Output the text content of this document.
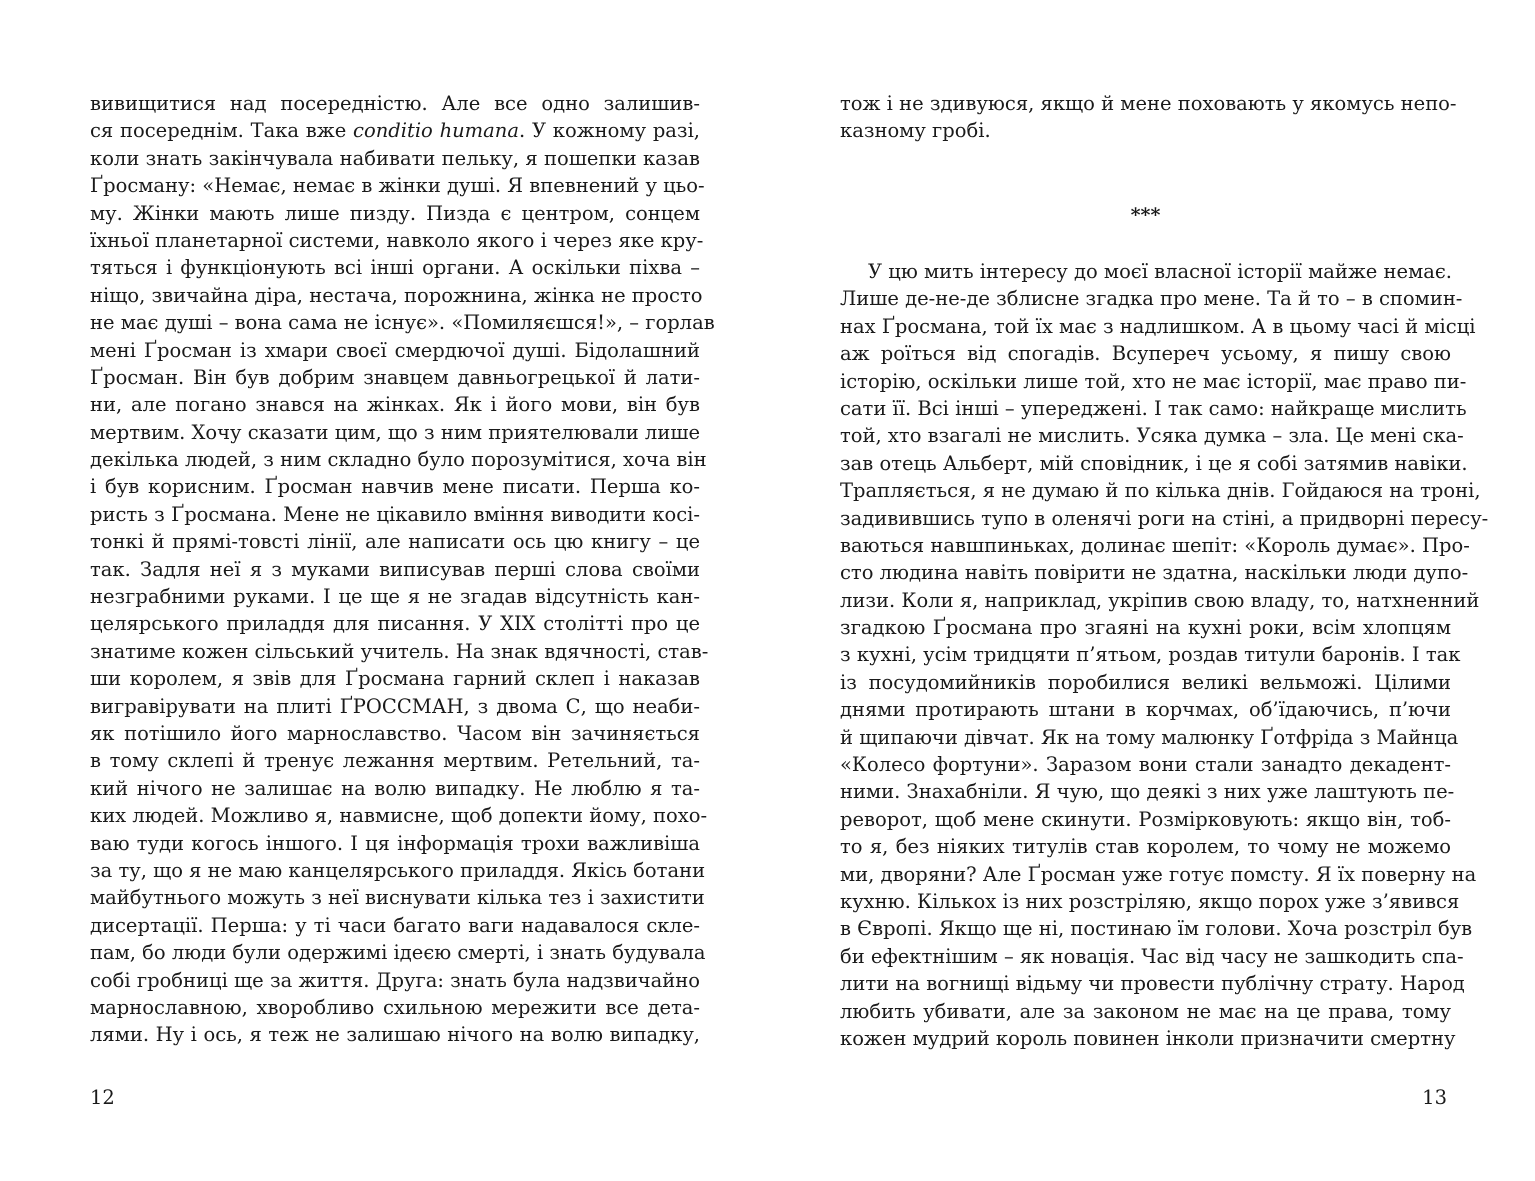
вивищитися над посередністю. Але все одно залишив-
ся посереднім. Така вже conditio humana. У кожному разі,
коли знать закінчувала набивати пельку, я пошепки казав
Ґросману: «Немає, немає в жінки душі. Я впевнений у цьо-
му. Жінки мають лише пизду. Пизда є центром, сонцем
їхньої планетарної системи, навколо якого і через яке кру-
тяться і функціонують всі інші органи. А оскільки піхва –
ніщо, звичайна діра, нестача, порожнина, жінка не просто
не має душі – вона сама не існує». «Помиляєшся!», – горлав
мені Ґросман із хмари своєї смердючої душі. Бідолашний
Ґросман. Він був добрим знавцем давньогрецької й лати-
ни, але погано знався на жінках. Як і його мови, він був
мертвим. Хочу сказати цим, що з ним приятелювали лише
декілька людей, з ним складно було порозумітися, хоча він
і був корисним. Ґросман навчив мене писати. Перша ко-
ристь з Ґросмана. Мене не цікавило вміння виводити косі-
тонкі й прямі-товсті лінії, але написати ось цю книгу – це
так. Задля неї я з муками виписував перші слова своїми
незграбними руками. І це ще я не згадав відсутність кан-
целярського приладдя для писання. У XIX столітті про це
знатиме кожен сільський учитель. На знак вдячності, став-
ши королем, я звів для Ґросмана гарний склеп і наказав
вигравірувати на плиті ҐРОССМАН, з двома С, що неаби-
як потішило його марнославство. Часом він зачиняється
в тому склепі й тренує лежання мертвим. Ретельний, та-
кий нічого не залишає на волю випадку. Не люблю я та-
ких людей. Можливо я, навмисне, щоб допекти йому, похо-
ваю туди когось іншого. І ця інформація трохи важливіша
за ту, що я не маю канцелярського приладдя. Якісь ботани
майбутнього можуть з неї виснувати кілька тез і захистити
дисертації. Перша: у ті часи багато ваги надавалося скле-
пам, бо люди були одержимі ідеєю смерті, і знать будувала
собі гробниці ще за життя. Друга: знать була надзвичайно
марнославною, хворобливо схильною мережити все дета-
лями. Ну і ось, я теж не залишаю нічого на волю випадку,
12
тож і не здивуюся, якщо й мене поховають у якомусь непо-
казному гробі.
***
У цю мить інтересу до моєї власної історії майже немає.
Лише де-не-де зблисне згадка про мене. Та й то – в спомин-
нах Ґросмана, той їх має з надлишком. А в цьому часі й місці
аж роїться від спогадів. Всупереч усьому, я пишу свою
історію, оскільки лише той, хто не має історії, має право пи-
сати її. Всі інші – упереджені. І так само: найкраще мислить
той, хто взагалі не мислить. Усяка думка – зла. Це мені ска-
зав отець Альберт, мій сповідник, і це я собі затямив навіки.
Трапляється, я не думаю й по кілька днів. Гойдаюся на троні,
задивившись тупо в оленячі роги на стіні, а придворні пересу-
ваються навшпиньках, долинає шепіт: «Король думає». Про-
сто людина навіть повірити не здатна, наскільки люди дупо-
лизи. Коли я, наприклад, укріпив свою владу, то, натхненний
згадкою Ґросмана про згаяні на кухні роки, всім хлопцям
з кухні, усім тридцяти п’ятьом, роздав титули баронів. І так
із посудомийників поробилися великі вельможі. Цілими
днями протирають штани в корчмах, об’їдаючись, п’ючи
й щипаючи дівчат. Як на тому малюнку Ґотфріда з Майнца
«Колесо фортуни». Заразом вони стали занадто декадент-
ними. Знахабніли. Я чую, що деякі з них уже лаштують пе-
реворот, щоб мене скинути. Розмірковують: якщо він, тоб-
то я, без ніяких титулів став королем, то чому не можемо
ми, дворяни? Але Ґросман уже готує помсту. Я їх поверну на
кухню. Кількох із них розстріляю, якщо порох уже з’явився
в Європі. Якщо ще ні, постинаю їм голови. Хоча розстріл був
би ефектнішим – як новація. Час від часу не зашкодить спа-
лити на вогнищі відьму чи провести публічну страту. Народ
любить убивати, але за законом не має на це права, тому
кожен мудрий король повинен інколи призначити смертну
13
